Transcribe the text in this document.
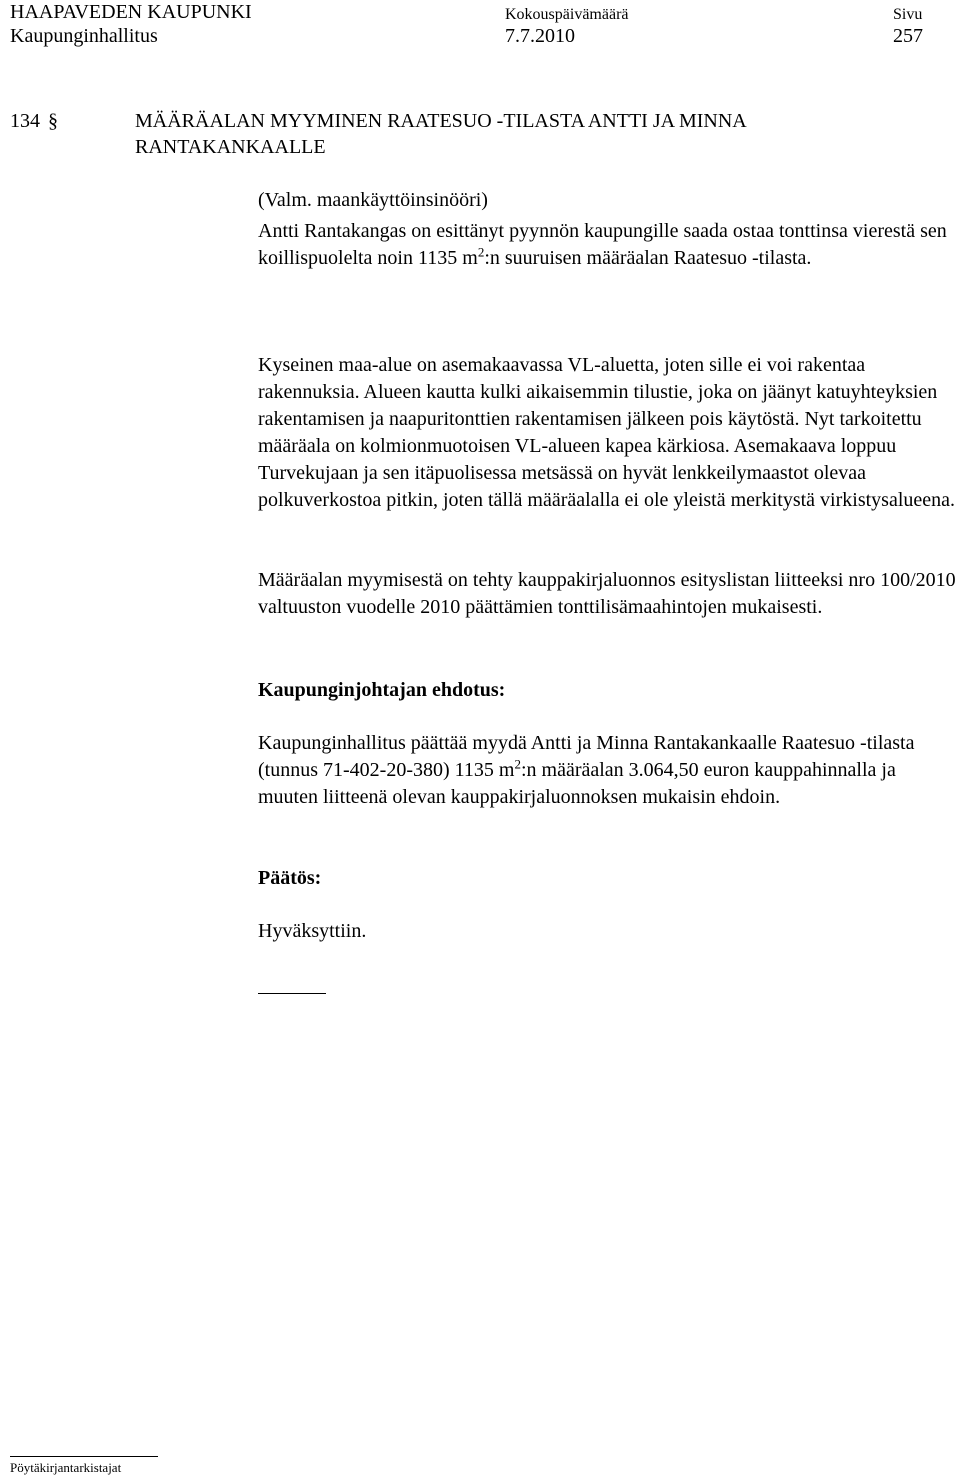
HAAPAVEDEN KAUPUNKI
Kaupunginhallitus
Kokouspäivämäärä
7.7.2010
Sivu
257
134 §	MÄÄRÄALAN MYYMINEN RAATESUO -TILASTA ANTTI JA MINNA RANTAKANKAALLE
(Valm. maankäyttöinsinööri)

Antti Rantakangas on esittänyt pyynnön kaupungille saada ostaa tonttinsa vierestä sen koillispuolelta noin 1135 $m^2:n$ suuruisen määräalan Raatesuo -tilasta.

Kyseinen maa-alue on asemakaavassa VL-aluetta, joten sille ei voi rakentaa rakennuksia. Alueen kautta kulki aikaisemmin tilustie, joka on jäänyt katuyhteyksien rakentamisen ja naapuritonttien rakentamisen jälkeen pois käytöstä. Nyt tarkoitettu määräala on kolmionmuotoisen VL-alueen kapea kärkiosa. Asemakaava loppuu Turvekujaan ja sen itäpuolisessa metsässä on hyvät lenkkeilymaastot olevaa polkuverkostoa pitkin, joten tällä määräalalla ei ole yleistä merkitystä virkistysalueena.
Määräalan myymisestä on tehty kauppakirjaluonnos esityslistan liitteeksi nro 100/2010 valtuuston vuodelle 2010 päättämien tonttilisämaahintojen mukaisesti.
Kaupunginjohtajan ehdotus:

Kaupunginhallitus päättää myydä Antti ja Minna Rantakankaalle Raatesuo -tilasta (tunnus 71-402-20-380) 1135 $m^2:n$ määräalan 3.064,50 euron kauppahinnalla ja muuten liitteenä olevan kauppakirjaluonnoksen mukaisin ehdoin.

Päätös:
Hyväksyttiin.
Pöytäkirjantarkistajat
